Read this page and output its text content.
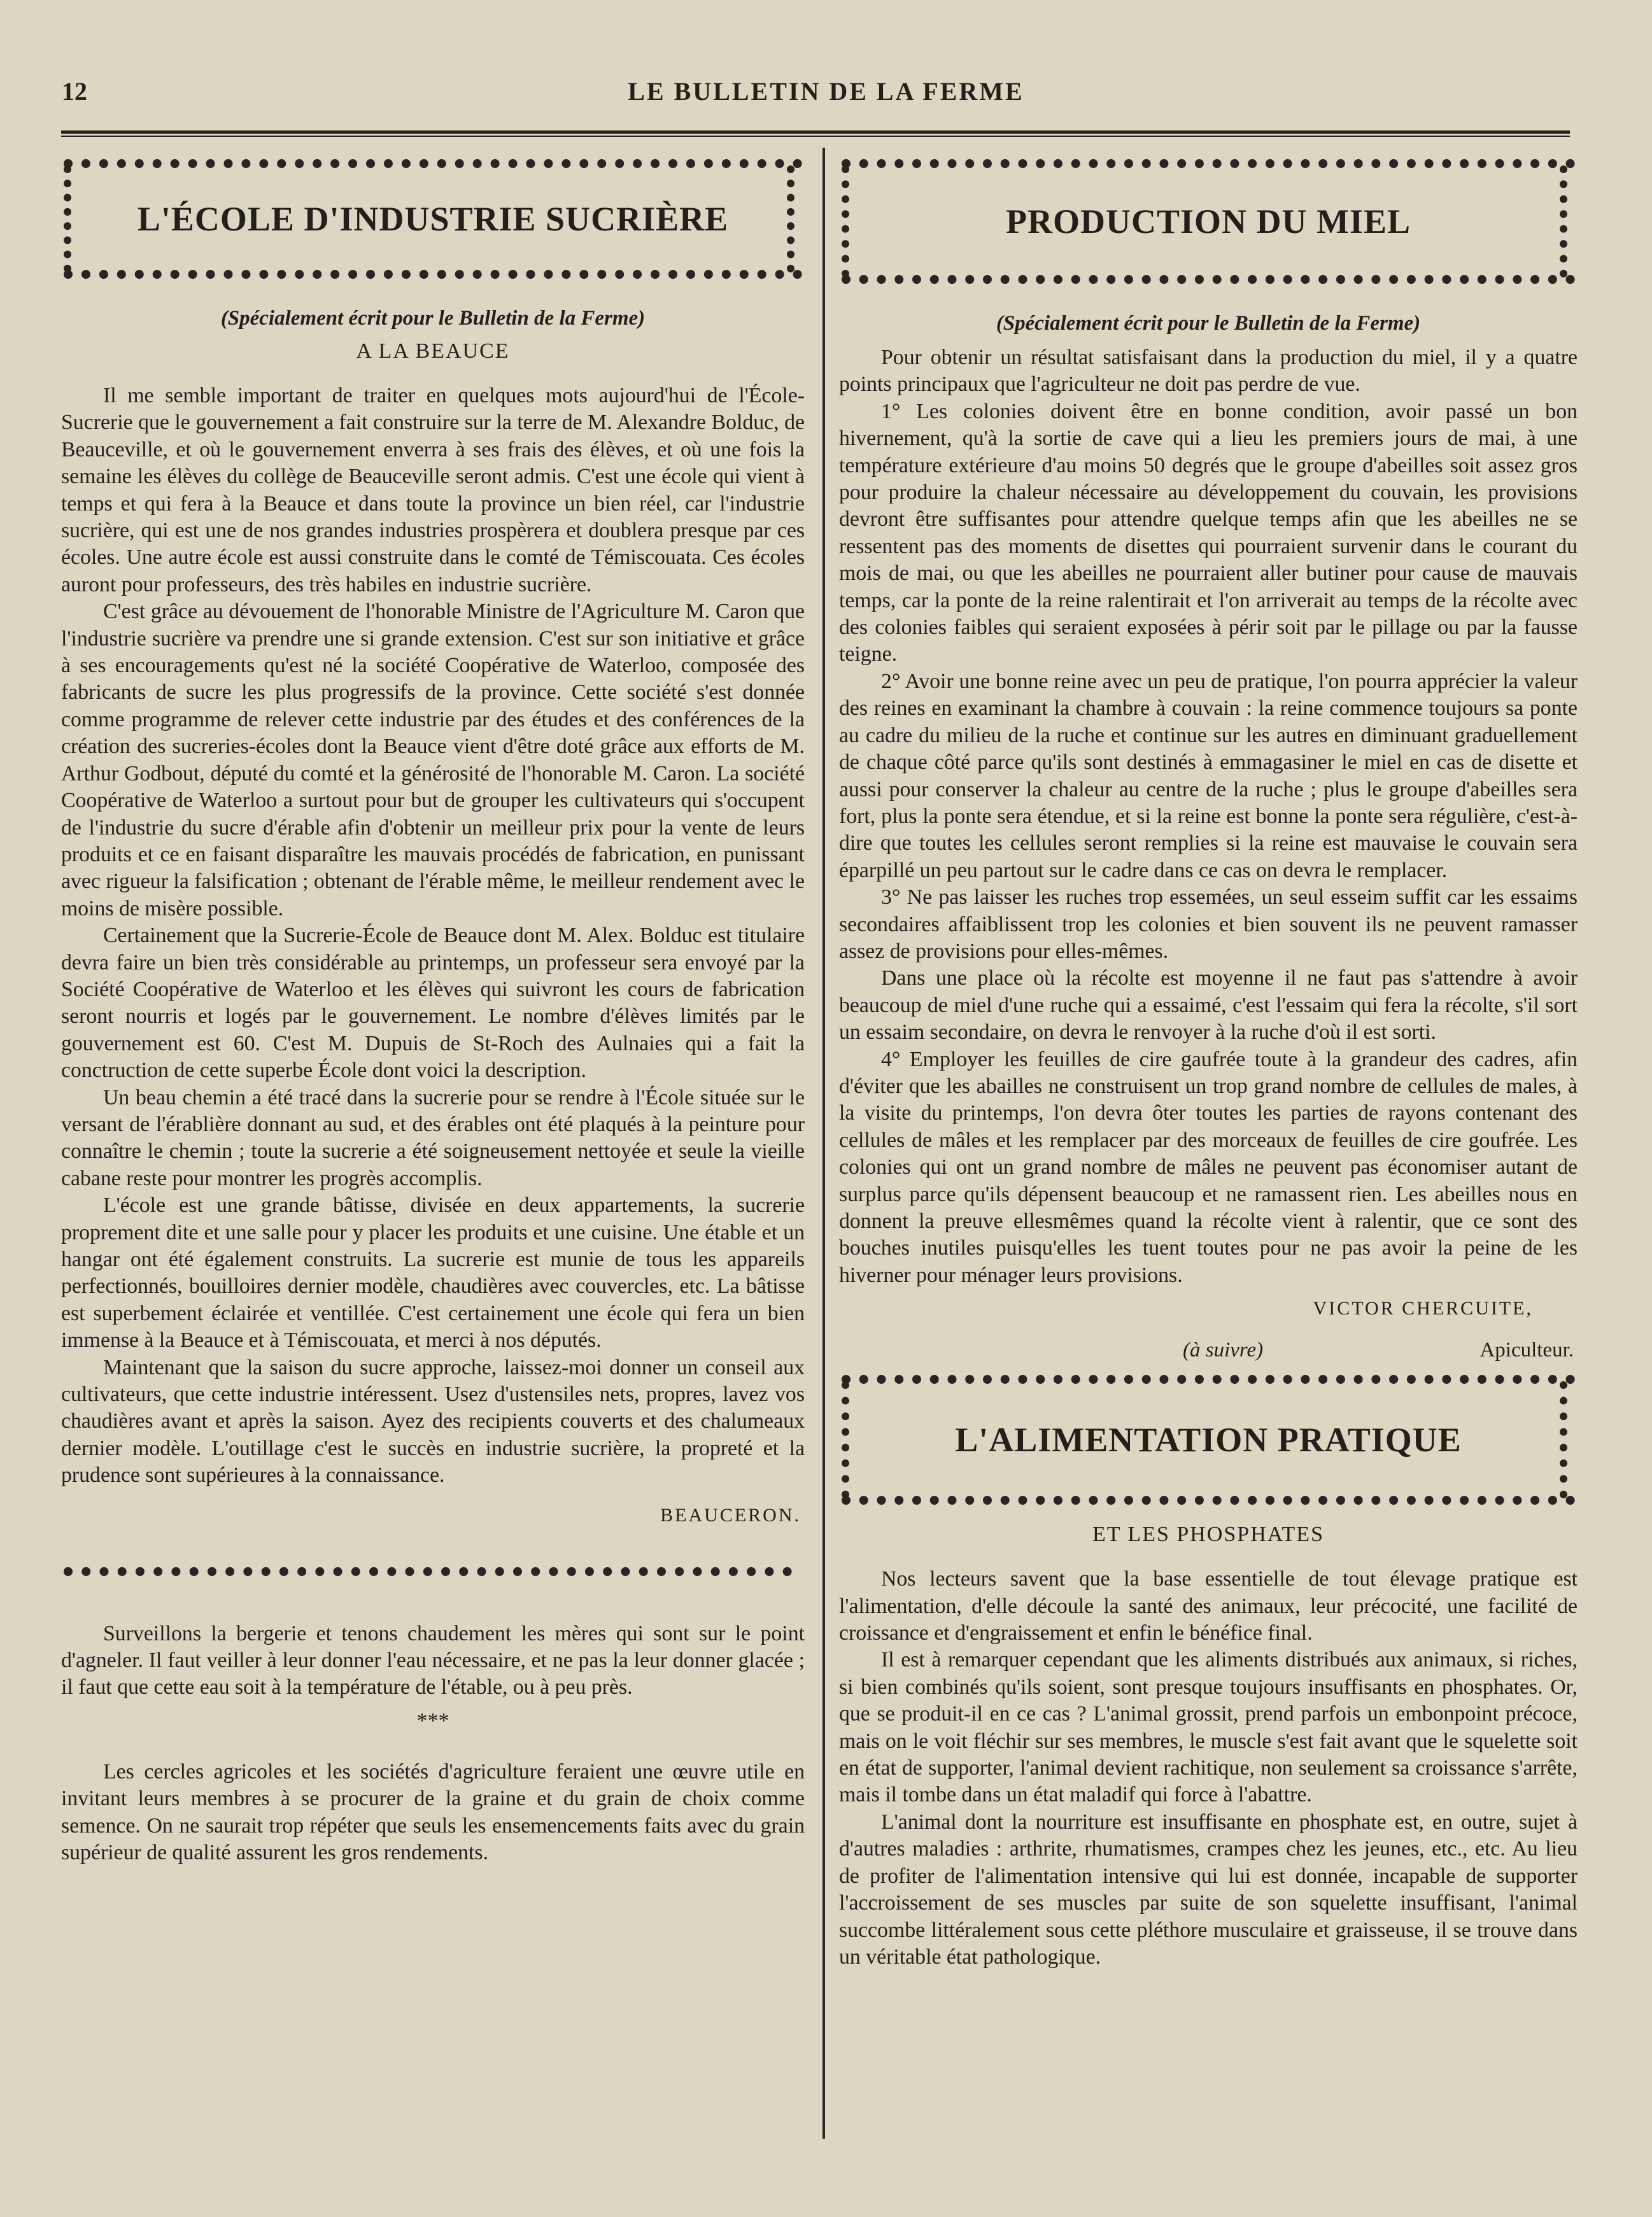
12	LE BULLETIN DE LA FERME
L'ÉCOLE D'INDUSTRIE SUCRIÈRE
(Spécialement écrit pour le Bulletin de la Ferme)
A LA BEAUCE

Il me semble important de traiter en quelques mots aujourd'hui de l'École-Sucrerie que le gouvernement a fait construire sur la terre de M. Alexandre Bolduc, de Beauceville, et où le gouvernement enverra à ses frais des élèves, et où une fois la semaine les élèves du collège de Beauceville seront admis. C'est une école qui vient à temps et qui fera à la Beauce et dans toute la province un bien réel, car l'industrie sucrière, qui est une de nos grandes industries prospèrera et doublera presque par ces écoles. Une autre école est aussi construite dans le comté de Témiscouata. Ces écoles auront pour professeurs, des très habiles en industrie sucrière.

C'est grâce au dévouement de l'honorable Ministre de l'Agriculture M. Caron que l'industrie sucrière va prendre une si grande extension. C'est sur son initiative et grâce à ses encouragements qu'est né la société Coopérative de Waterloo, composée des fabricants de sucre les plus progressifs de la province. Cette société s'est donnée comme programme de relever cette industrie par des études et des conférences de la création des sucreries-écoles dont la Beauce vient d'être doté grâce aux efforts de M. Arthur Godbout, député du comté et la générosité de l'honorable M. Caron. La société Coopérative de Waterloo a surtout pour but de grouper les cultivateurs qui s'occupent de l'industrie du sucre d'érable afin d'obtenir un meilleur prix pour la vente de leurs produits et ce en faisant disparaître les mauvais procédés de fabrication, en punissant avec rigueur la falsification ; obtenant de l'érable même, le meilleur rendement avec le moins de misère possible.

Certainement que la Sucrerie-École de Beauce dont M. Alex. Bolduc est titulaire devra faire un bien très considérable au printemps, un professeur sera envoyé par la Société Coopérative de Waterloo et les élèves qui suivront les cours de fabrication seront nourris et logés par le gouvernement. Le nombre d'élèves limités par le gouvernement est 60. C'est M. Dupuis de St-Roch des Aulnaies qui a fait la conctruction de cette superbe École dont voici la description.

Un beau chemin a été tracé dans la sucrerie pour se rendre à l'École située sur le versant de l'érablière donnant au sud, et des érables ont été plaqués à la peinture pour connaître le chemin ; toute la sucrerie a été soigneusement nettoyée et seule la vieille cabane reste pour montrer les progrès accomplis.

L'école est une grande bâtisse, divisée en deux appartements, la sucrerie proprement dite et une salle pour y placer les produits et une cuisine. Une étable et un hangar ont été également construits. La sucrerie est munie de tous les appareils perfectionnés, bouilloires dernier modèle, chaudières avec couvercles, etc. La bâtisse est superbement éclairée et ventillée. C'est certainement une école qui fera un bien immense à la Beauce et à Témiscouata, et merci à nos députés.

Maintenant que la saison du sucre approche, laissez-moi donner un conseil aux cultivateurs, que cette industrie intéressent. Usez d'ustensiles nets, propres, lavez vos chaudières avant et après la saison. Ayez des recipients couverts et des chalumeaux dernier modèle. L'outillage c'est le succès en industrie sucrière, la propreté et la prudence sont supérieures à la connaissance.

BEAUCERON.

Surveillons la bergerie et tenons chaudement les mères qui sont sur le point d'agneler. Il faut veiller à leur donner l'eau nécessaire, et ne pas la leur donner glacée ; il faut que cette eau soit à la température de l'étable, ou à peu près.

***

Les cercles agricoles et les sociétés d'agriculture feraient une œuvre utile en invitant leurs membres à se procurer de la graine et du grain de choix comme semence. On ne saurait trop répéter que seuls les ensemencements faits avec du grain supérieur de qualité assurent les gros rendements.

PRODUCTION DU MIEL
(Spécialement écrit pour le Bulletin de la Ferme)

Pour obtenir un résultat satisfaisant dans la production du miel, il y a quatre points principaux que l'agriculteur ne doit pas perdre de vue.

1° Les colonies doivent être en bonne condition, avoir passé un bon hivernement, qu'à la sortie de cave qui a lieu les premiers jours de mai, à une température extérieure d'au moins 50 degrés que le groupe d'abeilles soit assez gros pour produire la chaleur nécessaire au développement du couvain, les provisions devront être suffisantes pour attendre quelque temps afin que les abeilles ne se ressentent pas des moments de disettes qui pourraient survenir dans le courant du mois de mai, ou que les abeilles ne pourraient aller butiner pour cause de mauvais temps, car la ponte de la reine ralentirait et l'on arriverait au temps de la récolte avec des colonies faibles qui seraient exposées à périr soit par le pillage ou par la fausse teigne.

2° Avoir une bonne reine avec un peu de pratique, l'on pourra apprécier la valeur des reines en examinant la chambre à couvain : la reine commence toujours sa ponte au cadre du milieu de la ruche et continue sur les autres en diminuant graduellement de chaque côté parce qu'ils sont destinés à emmagasiner le miel en cas de disette et aussi pour conserver la chaleur au centre de la ruche ; plus le groupe d'abeilles sera fort, plus la ponte sera étendue, et si la reine est bonne la ponte sera régulière, c'est-à-dire que toutes les cellules seront remplies si la reine est mauvaise le couvain sera éparpillé un peu partout sur le cadre dans ce cas on devra le remplacer.

3° Ne pas laisser les ruches trop essemées, un seul esseim suffit car les essaims secondaires affaiblissent trop les colonies et bien souvent ils ne peuvent ramasser assez de provisions pour elles-mêmes.

Dans une place où la récolte est moyenne il ne faut pas s'attendre à avoir beaucoup de miel d'une ruche qui a essaimé, c'est l'essaim qui fera la récolte, s'il sort un essaim secondaire, on devra le renvoyer à la ruche d'où il est sorti.

4° Employer les feuilles de cire gaufrée toute à la grandeur des cadres, afin d'éviter que les abailles ne construisent un trop grand nombre de cellules de males, à la visite du printemps, l'on devra ôter toutes les parties de rayons contenant des cellules de mâles et les remplacer par des morceaux de feuilles de cire goufrée. Les colonies qui ont un grand nombre de mâles ne peuvent pas économiser autant de surplus parce qu'ils dépensent beaucoup et ne ramassent rien. Les abeilles nous en donnent la preuve ellesmêmes quand la récolte vient à ralentir, que ce sont des bouches inutiles puisqu'elles les tuent toutes pour ne pas avoir la peine de les hiverner pour ménager leurs provisions.

VICTOR CHERCUITE,
(à suivre)	Apiculteur.
L'ALIMENTATION PRATIQUE
ET LES PHOSPHATES

Nos lecteurs savent que la base essentielle de tout élevage pratique est l'alimentation, d'elle découle la santé des animaux, leur précocité, une facilité de croissance et d'engraissement et enfin le bénéfice final.

Il est à remarquer cependant que les aliments distribués aux animaux, si riches, si bien combinés qu'ils soient, sont presque toujours insuffisants en phosphates. Or, que se produit-il en ce cas ? L'animal grossit, prend parfois un embonpoint précoce, mais on le voit fléchir sur ses membres, le muscle s'est fait avant que le squelette soit en état de supporter, l'animal devient rachitique, non seulement sa croissance s'arrête, mais il tombe dans un état maladif qui force à l'abattre.

L'animal dont la nourriture est insuffisante en phosphate est, en outre, sujet à d'autres maladies : arthrite, rhumatismes, crampes chez les jeunes, etc., etc. Au lieu de profiter de l'alimentation intensive qui lui est donnée, incapable de supporter l'accroissement de ses muscles par suite de son squelette insuffisant, l'animal succombe littéralement sous cette pléthore musculaire et graisseuse, il se trouve dans un véritable état pathologique.
